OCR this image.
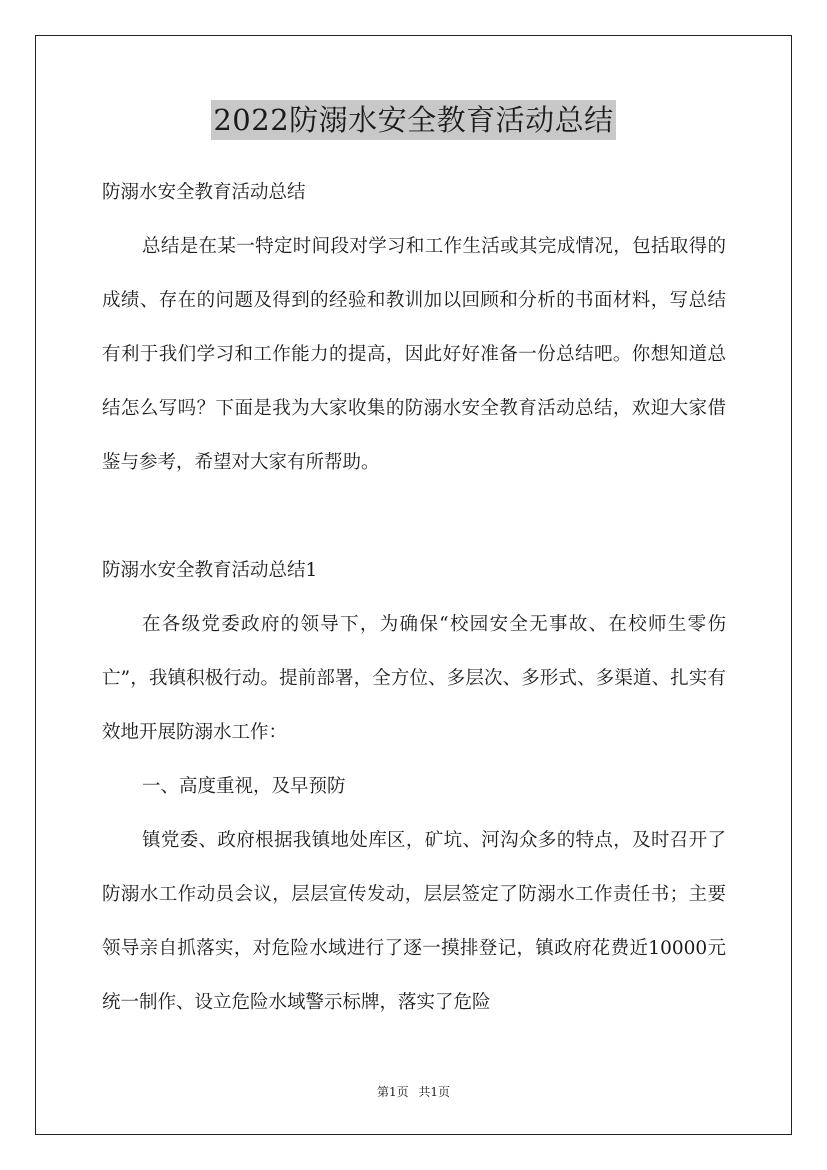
2022防溺水安全教育活动总结

防溺水安全教育活动总结

总结是在某一特定时间段对学习和工作生活或其完成情况，包括取得的成绩、存在的问题及得到的经验和教训加以回顾和分析的书面材料，写总结有利于我们学习和工作能力的提高，因此好好准备一份总结吧。你想知道总结怎么写吗？下面是我为大家收集的防溺水安全教育活动总结，欢迎大家借鉴与参考，希望对大家有所帮助。

防溺水安全教育活动总结1

在各级党委政府的领导下，为确保“校园安全无事故、在校师生零伤亡”，我镇积极行动。提前部署，全方位、多层次、多形式、多渠道、扎实有效地开展防溺水工作：

一、高度重视，及早预防

镇党委、政府根据我镇地处库区，矿坑、河沟众多的特点，及时召开了防溺水工作动员会议，层层宣传发动，层层签定了防溺水工作责任书；主要领导亲自抓落实，对危险水域进行了逐一摸排登记，镇政府花费近10000元统一制作、设立危险水域警示标牌，落实了危险

第1页 共1页
